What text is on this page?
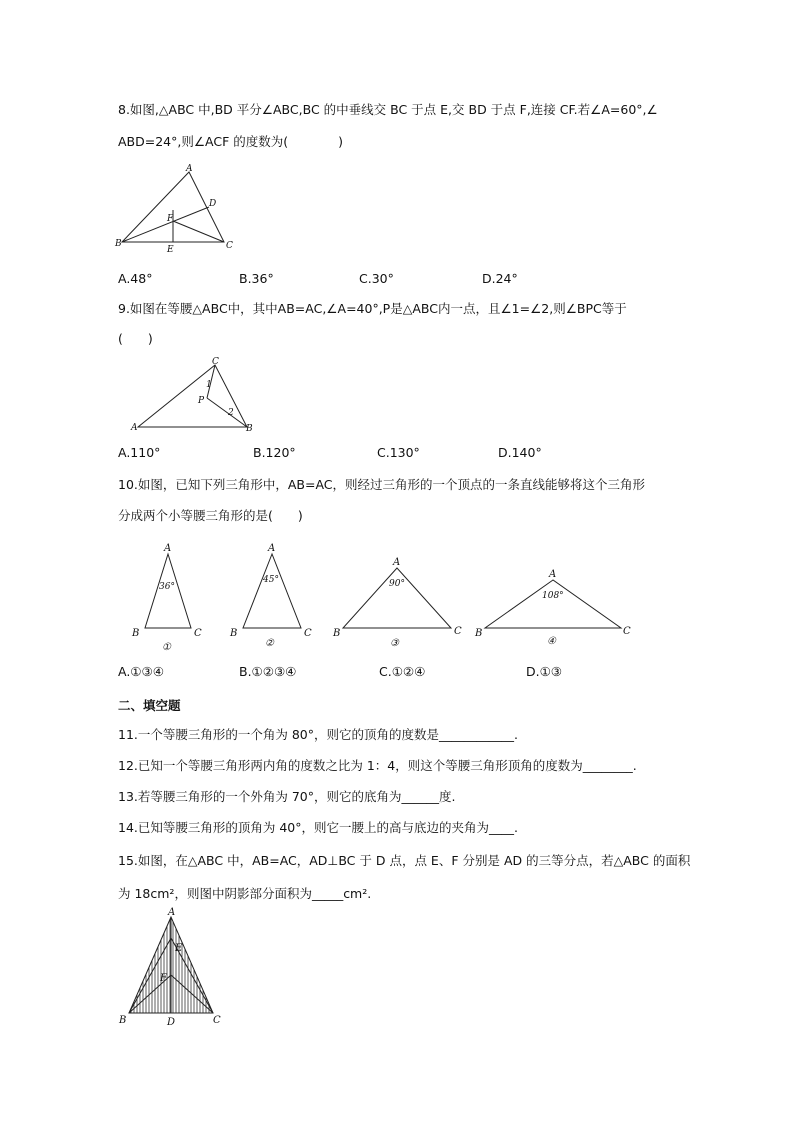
8.如图,△ABC 中,BD 平分∠ABC,BC 的中垂线交 BC 于点 E,交 BD 于点 F,连接 CF.若∠A=60°,∠
ABD=24°,则∠ACF 的度数为(　　　　)
A
B	C
D
E
F
A.48°	B.36°	C.30°	D.24°
9.如图在等腰△ABC中，其中AB=AC,∠A=40°,P是△ABC内一点，且∠1=∠2,则∠BPC等于
(　　)
A	B
C
P
1
2
A.110°	B.120°	C.130°	D.140°
10.如图，已知下列三角形中，AB=AC，则经过三角形的一个顶点的一条直线能够将这个三角形
分成两个小等腰三角形的是(　　)
A
B	C
36°
①
A
B	C
45°
②
A
B	C
90°
③
A
B	C
108°
④
A.①③④	B.①②③④	C.①②④	D.①③
二、填空题
11.一个等腰三角形的一个角为 80°，则它的顶角的度数是____________.
12.已知一个等腰三角形两内角的度数之比为 1：4，则这个等腰三角形顶角的度数为________.
13.若等腰三角形的一个外角为 70°，则它的底角为______度.
14.已知等腰三角形的顶角为 40°，则它一腰上的高与底边的夹角为____.
15.如图，在△ABC 中，AB=AC，AD⊥BC 于 D 点，点 E、F 分别是 AD 的三等分点，若△ABC 的面积
为 18cm²，则图中阴影部分面积为_____cm².
A
B	C
D
E
F
